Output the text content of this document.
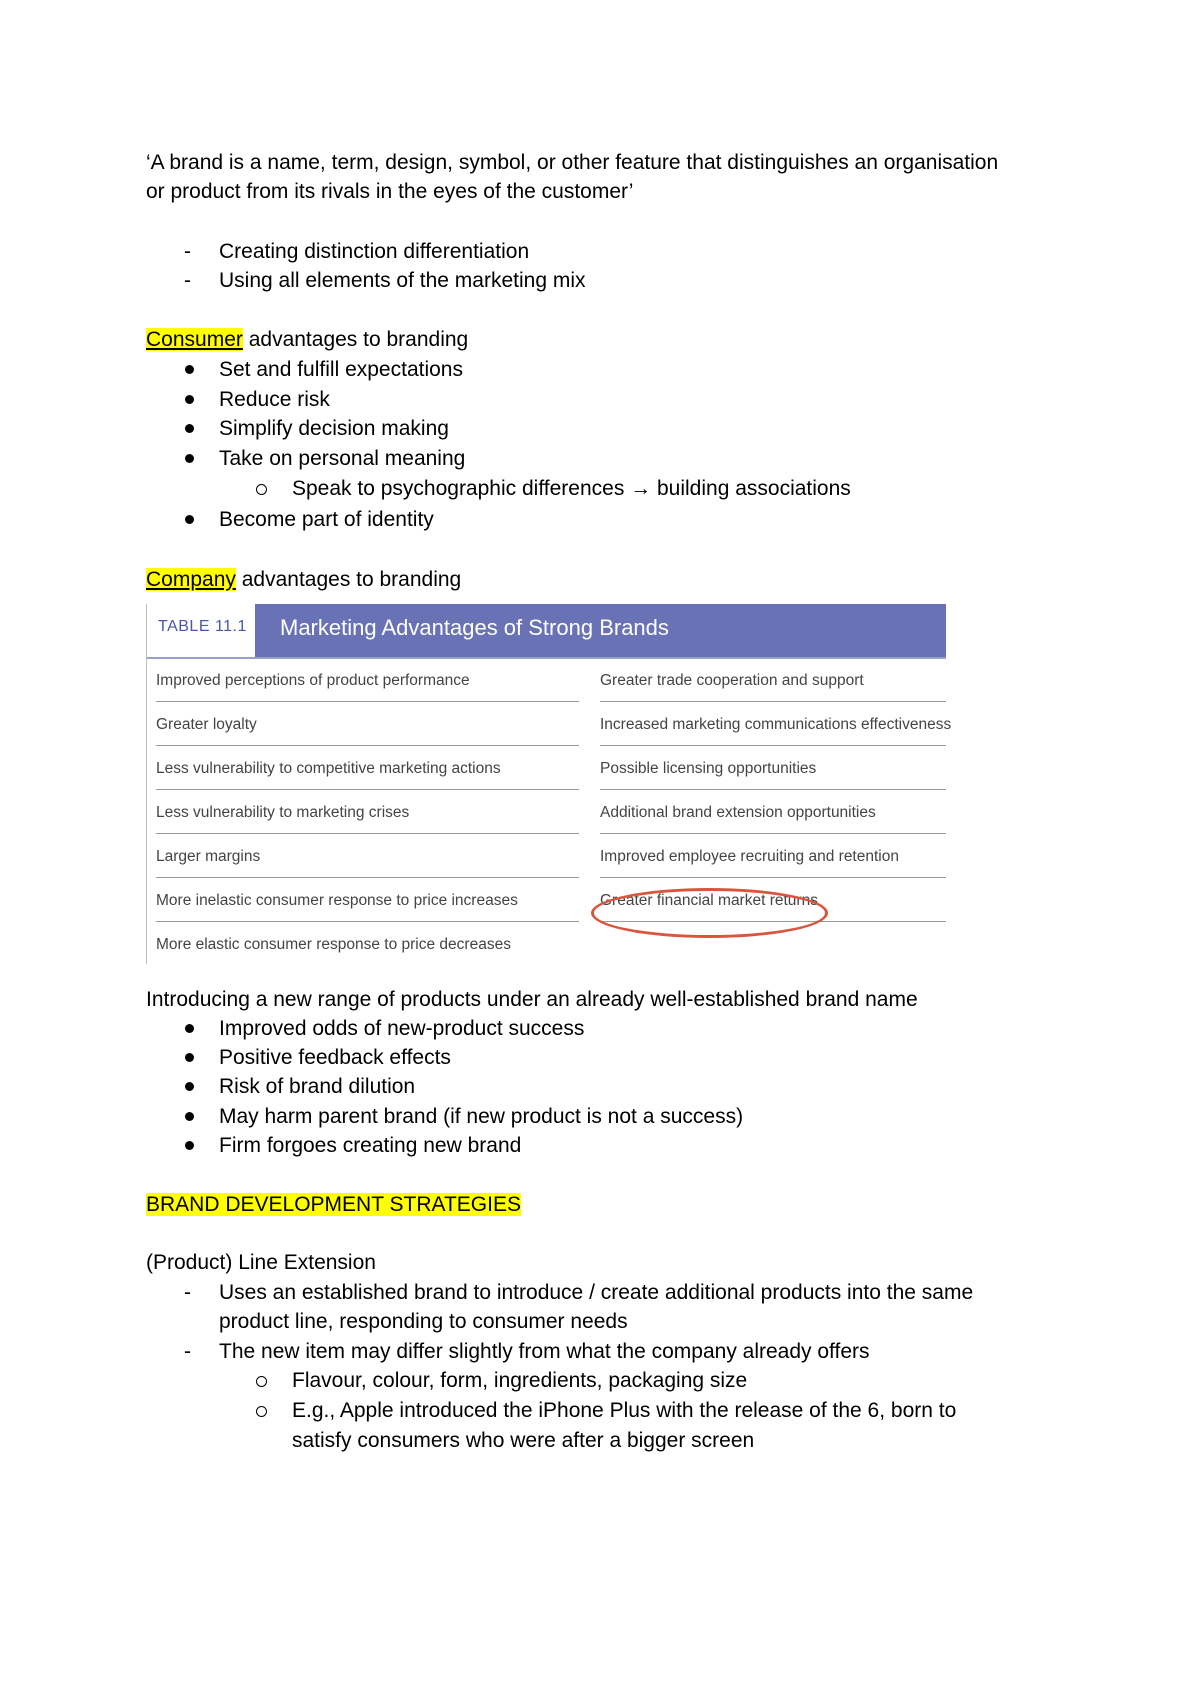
‘A brand is a name, term, design, symbol, or other feature that distinguishes an organisation
or product from its rivals in the eyes of the customer’
- Creating distinction differentiation
- Using all elements of the marketing mix
Consumer advantages to branding
Set and fulfill expectations
Reduce risk
Simplify decision making
Take on personal meaning
Speak to psychographic differences → building associations
Become part of identity
Company advantages to branding
TABLE 11.1 Marketing Advantages of Strong Brands
Improved perceptions of product performance
Greater loyalty
Less vulnerability to competitive marketing actions
Less vulnerability to marketing crises
Larger margins
More inelastic consumer response to price increases
More elastic consumer response to price decreases
Greater trade cooperation and support
Increased marketing communications effectiveness
Possible licensing opportunities
Additional brand extension opportunities
Improved employee recruiting and retention
Greater financial market returns
Introducing a new range of products under an already well-established brand name
Improved odds of new-product success
Positive feedback effects
Risk of brand dilution
May harm parent brand (if new product is not a success)
Firm forgoes creating new brand
BRAND DEVELOPMENT STRATEGIES
(Product) Line Extension
- Uses an established brand to introduce / create additional products into the same
product line, responding to consumer needs
- The new item may differ slightly from what the company already offers
Flavour, colour, form, ingredients, packaging size
E.g., Apple introduced the iPhone Plus with the release of the 6, born to
satisfy consumers who were after a bigger screen
